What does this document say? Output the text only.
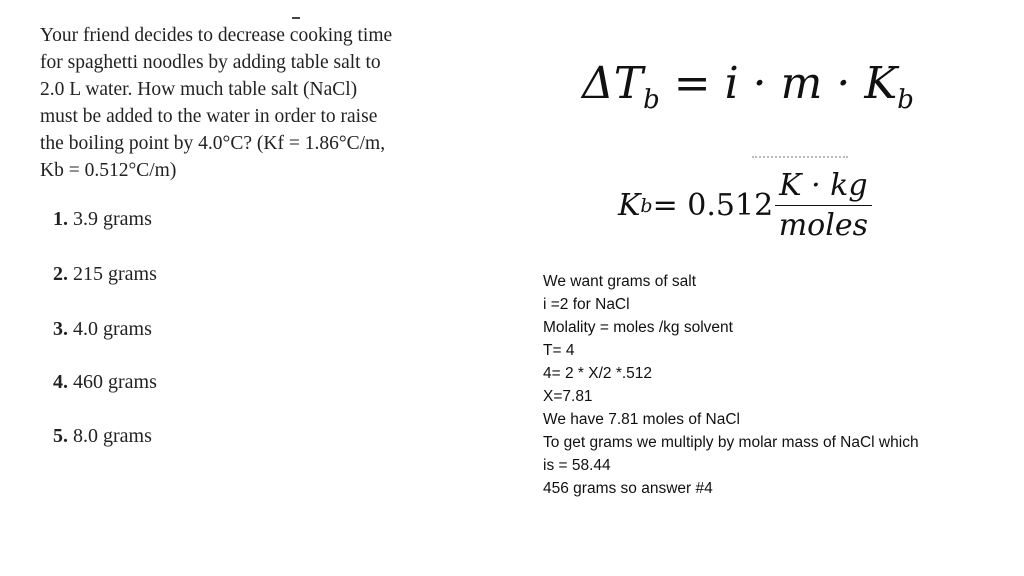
Your friend decides to decrease cooking time
for spaghetti noodles by adding table salt to
2.0 L water. How much table salt (NaCl)
must be added to the water in order to raise
the boiling point by 4.0°C? (Kf = 1.86°C/m,
Kb = 0.512°C/m)
1. 3.9 grams
2. 215 grams
3. 4.0 grams
4. 460 grams
5. 8.0 grams
$\Delta T_b = i \cdot m \cdot K_b$
K $b = 0.512 \frac{K \cdot kg}{\text{moles}}$
We want grams of salt
i =2 for NaCl
Molality = moles /kg solvent
T= 4
4= 2 * X/2 *.512
X=7.81
We have 7.81 moles of NaCl
To get grams we multiply by molar mass of NaCl which
is = 58.44
456 grams so answer #4
